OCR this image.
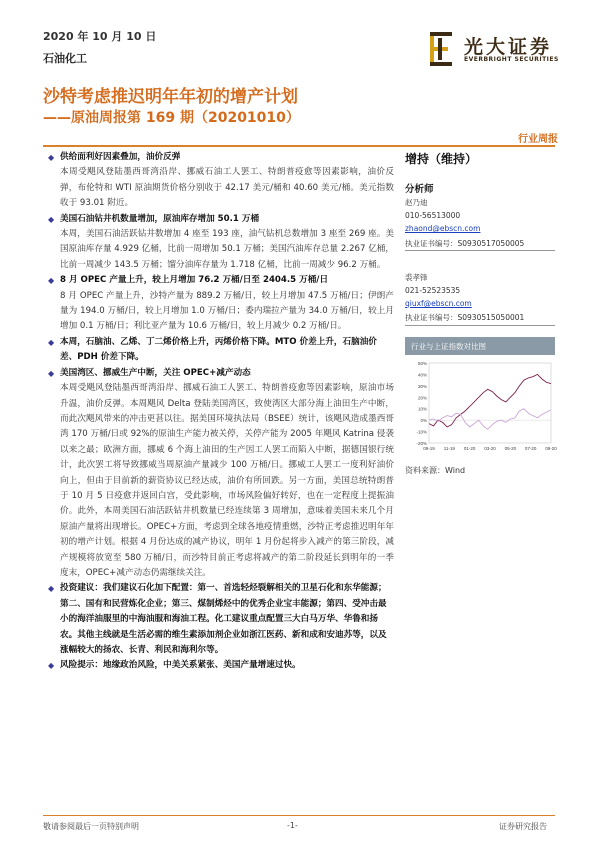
2020 年 10 月 10 日
石油化工
光大证券
EVERBRIGHT SECURITIES
沙特考虑推迟明年年初的增产计划
——原油周报第 169 期（20201010）
行业周报
◆ 供给面利好因素叠加，油价反弹
本周受飓风登陆墨西哥湾沿岸、挪威石油工人罢工、特朗普疫愈等因素影响，油价反弹，布伦特和 WTI 原油期货价格分别收于 42.17 美元/桶和 40.60 美元/桶。美元指数收于 93.01 附近。
◆ 美国石油钻井机数量增加，原油库存增加 50.1 万桶
本周，美国石油活跃钻井数增加 4 座至 193 座，油气钻机总数增加 3 座至 269 座。美国原油库存量 4.929 亿桶，比前一周增加 50.1 万桶；美国汽油库存总量 2.267 亿桶，比前一周减少 143.5 万桶；馏分油库存量为 1.718 亿桶，比前一周减少 96.2 万桶。
◆ 8 月 OPEC 产量上升，较上月增加 76.2 万桶/日至 2404.5 万桶/日
8 月 OPEC 产量上升，沙特产量为 889.2 万桶/日，较上月增加 47.5 万桶/日；伊朗产量为 194.0 万桶/日，较上月增加 1.0 万桶/日；委内瑞拉产量为 34.0 万桶/日，较上月增加 0.1 万桶/日；利比亚产量为 10.6 万桶/日，较上月减少 0.2 万桶/日。
◆ 本周，石脑油、乙烯、丁二烯价格上升，丙烯价格下降。MTO 价差上升，石脑油价差、PDH 价差下降。
◆ 美国湾区、挪威生产中断，关注 OPEC+减产动态
本周受飓风登陆墨西哥湾沿岸、挪威石油工人罢工、特朗普疫愈等因素影响，原油市场升温，油价反弹。本周飓风 Delta 登陆美国湾区，致使湾区大部分海上油田生产中断，而此次飓风带来的冲击更甚以往。据美国环境执法局（BSEE）统计，该飓风造成墨西哥湾 170 万桶/日或 92%的原油生产能力被关停，关停产能为 2005 年飓风 Katrina 侵袭以来之最；欧洲方面，挪威 6 个海上油田的生产因工人罢工而陷入中断，据德国银行统计，此次罢工将导致挪威当周原油产量减少 100 万桶/日。挪威工人罢工一度利好油价向上，但由于目前新的薪资协议已经达成，油价有所回跌。另一方面，美国总统特朗普于 10 月 5 日疫愈并返回白宫，受此影响，市场风险偏好转好，也在一定程度上提振油价。此外，本周美国石油活跃钻井机数量已经连续第 3 周增加，意味着美国未来几个月原油产量将出现增长。OPEC+方面，考虑到全球各地疫情重燃，沙特正考虑推迟明年年初的增产计划。根据 4 月份达成的减产协议，明年 1 月份起将步入减产的第三阶段，减产规模将放宽至 580 万桶/日，而沙特目前正考虑将减产的第二阶段延长到明年的一季度末，OPEC+减产动态仍需继续关注。
◆ 投资建议：我们建议石化加下配置：第一、首选轻烃裂解相关的卫星石化和东华能源；第二、国有和民营炼化企业；第三、煤制烯烃中的优秀企业宝丰能源；第四、受冲击最小的海洋油服里的中海油服和海油工程。化工建议重点配置三大白马万华、华鲁和扬农。其他主线就是生活必需的维生素添加剂企业如浙江医药、新和成和安迪苏等，以及涨幅较大的扬农、长青、利民和海利尔等。
◆ 风险提示：地缘政治风险，中美关系紧张、美国产量增速过快。
增持（维持）
分析师
赵乃迪
010-56513000
zhaond@ebscn.com
执业证书编号：S0930517050005
裘孝锋
021-52523535
qiuxf@ebscn.com
执业证书编号：S0930515050001
行业与上证指数对比图
-20%
-10%
0%
10%
20%
30%
40%
50%
09-19 11-19 01-20 03-20 05-20 07-20 09-20
资料来源：Wind
敬请参阅最后一页特别声明	-1-	证券研究报告
